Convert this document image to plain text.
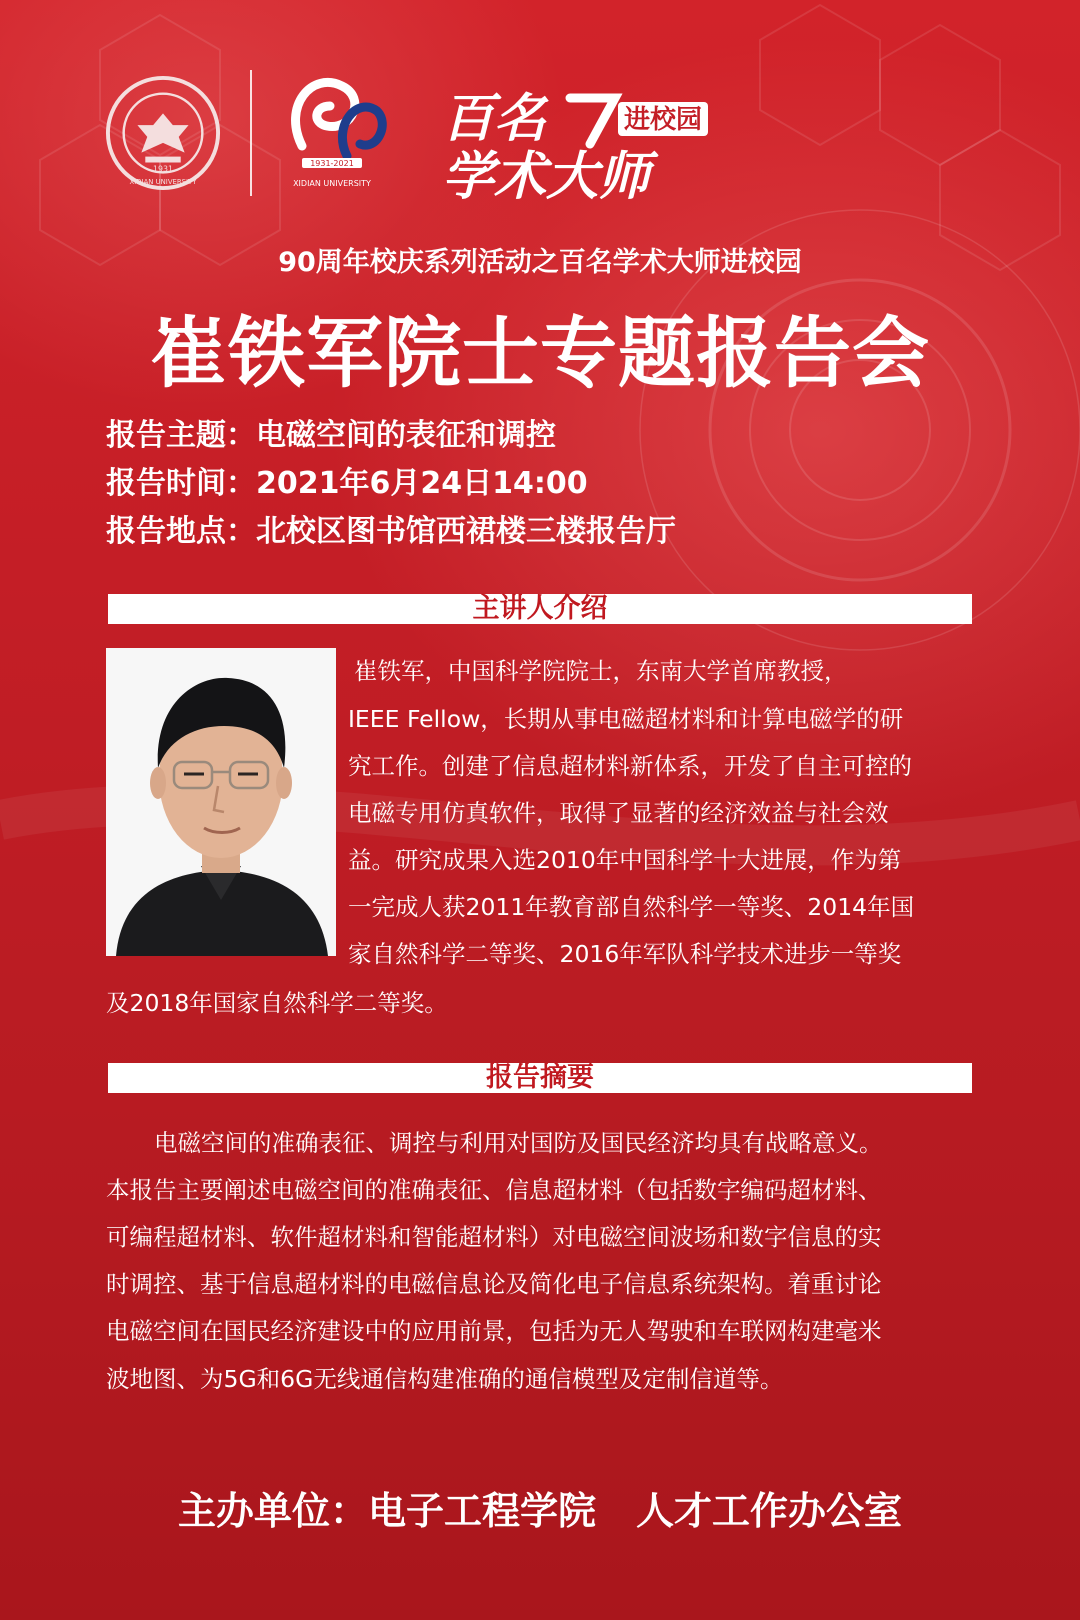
1931
XIDIAN UNIVERSITY
1931-2021
XIDIAN UNIVERSITY
百名	进校园
学术大师
90周年校庆系列活动之百名学术大师进校园
崔铁军院士专题报告会
报告主题：电磁空间的表征和调控
报告时间：2021年6月24日14:00
报告地点：北校区图书馆西裙楼三楼报告厅
主讲人介绍
崔铁军，中国科学院院士，东南大学首席教授，
IEEE Fellow，长期从事电磁超材料和计算电磁学的研
究工作。创建了信息超材料新体系，开发了自主可控的
电磁专用仿真软件，取得了显著的经济效益与社会效
益。研究成果入选2010年中国科学十大进展，作为第
一完成人获2011年教育部自然科学一等奖、2014年国
家自然科学二等奖、2016年军队科学技术进步一等奖
及2018年国家自然科学二等奖。
报告摘要
电磁空间的准确表征、调控与利用对国防及国民经济均具有战略意义。
本报告主要阐述电磁空间的准确表征、信息超材料（包括数字编码超材料、
可编程超材料、软件超材料和智能超材料）对电磁空间波场和数字信息的实
时调控、基于信息超材料的电磁信息论及简化电子信息系统架构。着重讨论
电磁空间在国民经济建设中的应用前景，包括为无人驾驶和车联网构建毫米
波地图、为5G和6G无线通信构建准确的通信模型及定制信道等。
主办单位：电子工程学院 人才工作办公室
